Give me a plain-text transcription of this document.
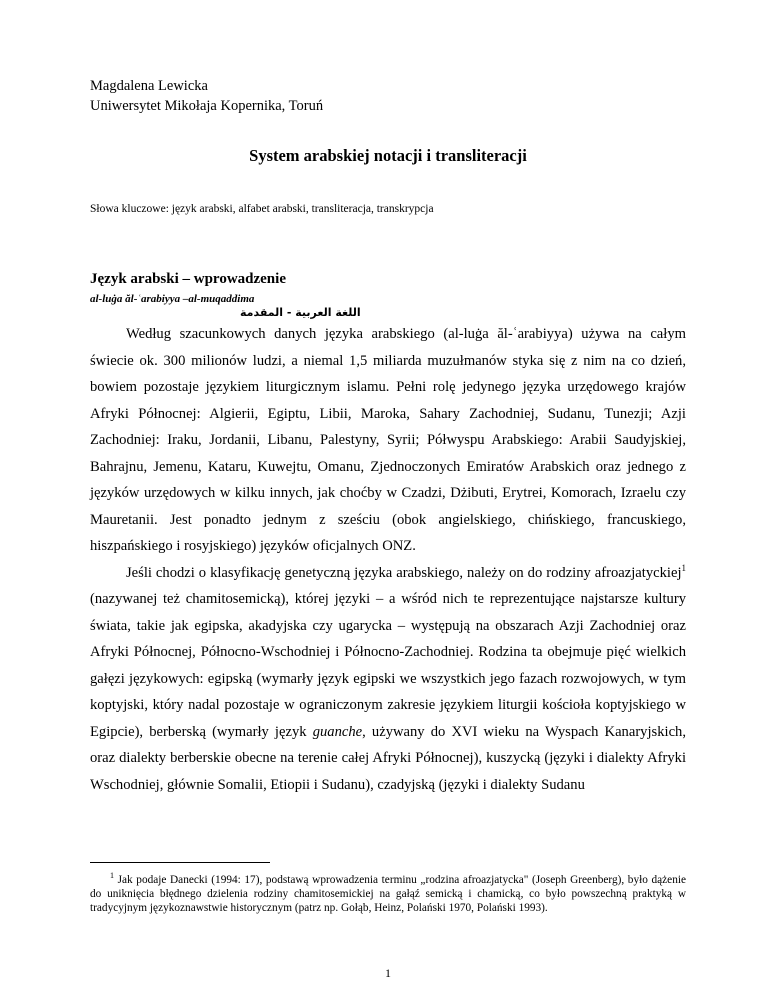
Magdalena Lewicka
Uniwersytet Mikołaja Kopernika, Toruń
System arabskiej notacji i transliteracji
Słowa kluczowe: język arabski, alfabet arabski, transliteracja, transkrypcja
Język arabski – wprowadzenie
al-luġa ăl-ʿarabiyya –al-muqaddima
اللغة العربية - المقدمة

Według szacunkowych danych języka arabskiego (al-luġa ăl-ʿarabiyya) używa na całym świecie ok. 300 milionów ludzi, a niemal 1,5 miliarda muzułmanów styka się z nim na co dzień, bowiem pozostaje językiem liturgicznym islamu. Pełni rolę jedynego języka urzędowego krajów Afryki Północnej: Algierii, Egiptu, Libii, Maroka, Sahary Zachodniej, Sudanu, Tunezji; Azji Zachodniej: Iraku, Jordanii, Libanu, Palestyny, Syrii; Półwyspu Arabskiego: Arabii Saudyjskiej, Bahrajnu, Jemenu, Kataru, Kuwejtu, Omanu, Zjednoczonych Emiratów Arabskich oraz jednego z języków urzędowych w kilku innych, jak choćby w Czadzi, Dżibuti, Erytrei, Komorach, Izraelu czy Mauretanii. Jest ponadto jednym z sześciu (obok angielskiego, chińskiego, francuskiego, hiszpańskiego i rosyjskiego) języków oficjalnych ONZ.

Jeśli chodzi o klasyfikację genetyczną języka arabskiego, należy on do rodziny afroazjatyckiej$^1$ (nazywanej też chamitosemicką), której języki – a wśród nich te reprezentujące najstarsze kultury świata, takie jak egipska, akadyjska czy ugarycka – występują na obszarach Azji Zachodniej oraz Afryki Północnej, Północno-Wschodniej i Północno-Zachodniej. Rodzina ta obejmuje pięć wielkich gałęzi językowych: egipską (wymarły język egipski we wszystkich jego fazach rozwojowych, w tym koptyjski, który nadal pozostaje w ograniczonym zakresie językiem liturgii kościoła koptyjskiego w Egipcie), berberską (wymarły język guanche, używany do XVI wieku na Wyspach Kanaryjskich, oraz dialekty berberskie obecne na terenie całej Afryki Północnej), kuszycką (języki i dialekty Afryki Wschodniej, głównie Somalii, Etiopii i Sudanu), czadyjską (języki i dialekty Sudanu

$^1$ Jak podaje Danecki (1994: 17), podstawą wprowadzenia terminu „rodzina afroazjatycka" (Joseph Greenberg), było dążenie do uniknięcia błędnego dzielenia rodziny chamitosemickiej na gałąź semicką i chamicką, co było powszechną praktyką w tradycyjnym językoznawstwie historycznym (patrz np. Gołąb, Heinz, Polański 1970, Polański 1993).

1
